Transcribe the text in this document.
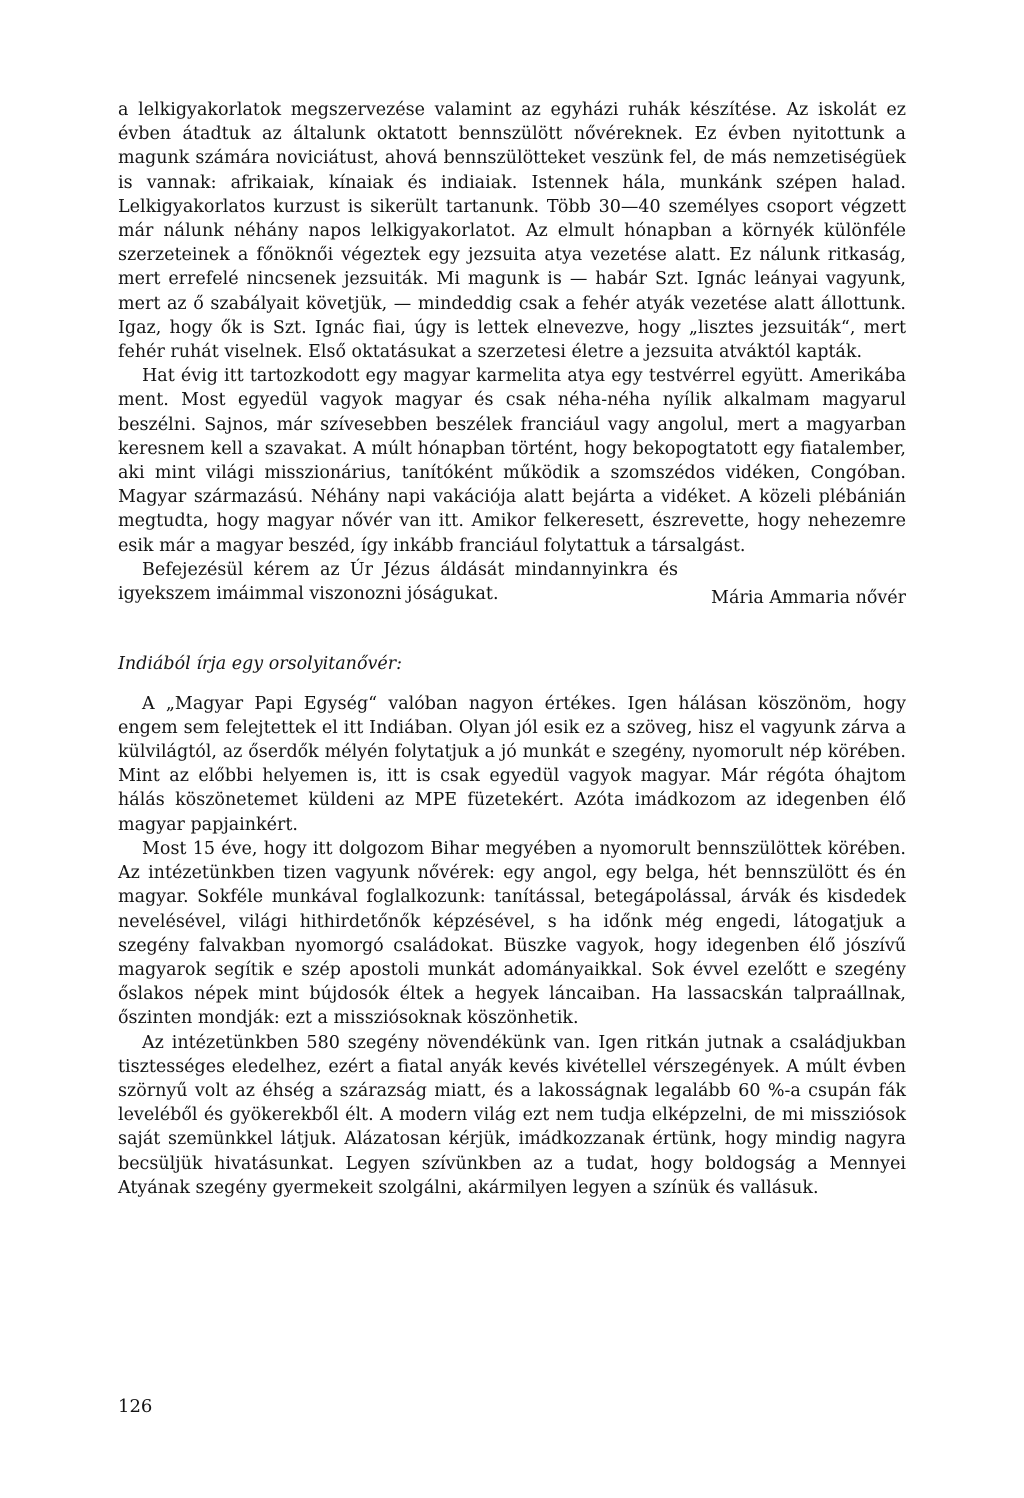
a lelkigyakorlatok megszervezése valamint az egyházi ruhák készítése. Az iskolát ez évben átadtuk az általunk oktatott bennszülött nővéreknek. Ez évben nyitottunk a magunk számára noviciátust, ahová bennszülötteket veszünk fel, de más nemzetiségüek is vannak: afrikaiak, kínaiak és indiaiak. Istennek hála, munkánk szépen halad. Lelkigyakorlatos kurzust is sikerült tartanunk. Több 30—40 személyes csoport végzett már nálunk néhány napos lelkigyakorlatot. Az elmult hónapban a környék különféle szerzeteinek a főnöknői végeztek egy jezsuita atya vezetése alatt. Ez nálunk ritkaság, mert errefelé nincsenek jezsuiták. Mi magunk is — habár Szt. Ignác leányai vagyunk, mert az ő szabályait követjük, — mindeddig csak a fehér atyák vezetése alatt állottunk. Igaz, hogy ők is Szt. Ignác fiai, úgy is lettek elnevezve, hogy „lisztes jezsuiták“, mert fehér ruhát viselnek. Első oktatásukat a szerzetesi életre a jezsuita atváktól kapták.

Hat évig itt tartozkodott egy magyar karmelita atya egy testvérrel együtt. Amerikába ment. Most egyedül vagyok magyar és csak néha-néha nyílik alkalmam magyarul beszélni. Sajnos, már szívesebben beszélek franciául vagy angolul, mert a magyarban keresnem kell a szavakat. A múlt hónapban történt, hogy bekopogtatott egy fiatalember, aki mint világi misszionárius, tanítóként működik a szomszédos vidéken, Congóban. Magyar származású. Néhány napi vakációja alatt bejárta a vidéket. A közeli plébánián megtudta, hogy magyar nővér van itt. Amikor felkeresett, észrevette, hogy nehezemre esik már a magyar beszéd, így inkább franciául folytattuk a társalgást.

Befejezésül kérem az Úr Jézus áldását mindannyinkra és igyekszem imáimmal viszonozni jóságukat.	Mária Ammaria nővér
Indiából írja egy orsolyitanővér:

A „Magyar Papi Egység“ valóban nagyon értékes. Igen hálásan köszönöm, hogy engem sem felejtettek el itt Indiában. Olyan jól esik ez a szöveg, hisz el vagyunk zárva a külvilágtól, az őserdők mélyén folytatjuk a jó munkát e szegény, nyomorult nép körében. Mint az előbbi helyemen is, itt is csak egyedül vagyok magyar. Már régóta óhajtom hálás köszönetemet küldeni az MPE füzetekért. Azóta imádkozom az idegenben élő magyar papjainkért.

Most 15 éve, hogy itt dolgozom Bihar megyében a nyomorult bennszülöttek körében. Az intézetünkben tizen vagyunk nővérek: egy angol, egy belga, hét bennszülött és én magyar. Sokféle munkával foglalkozunk: tanítással, betegápolással, árvák és kisdedek nevelésével, világi hithirdetőnők képzésével, s ha időnk még engedi, látogatjuk a szegény falvakban nyomorgó családokat. Büszke vagyok, hogy idegenben élő jószívű magyarok segítik e szép apostoli munkát adományaikkal. Sok évvel ezelőtt e szegény őslakos népek mint bújdosók éltek a hegyek láncaiban. Ha lassacskán talpraállnak, őszinten mondják: ezt a missziósoknak köszönhetik.

Az intézetünkben 580 szegény növendékünk van. Igen ritkán jutnak a családjukban tisztességes eledelhez, ezért a fiatal anyák kevés kivétellel vérszegények. A múlt évben szörnyű volt az éhség a szárazság miatt, és a lakosságnak legalább 60 %-a csupán fák leveléből és gyökerekből élt. A modern világ ezt nem tudja elképzelni, de mi missziósok saját szemünkkel látjuk. Alázatosan kérjük, imádkozzanak értünk, hogy mindig nagyra becsüljük hivatásunkat. Legyen szívünkben az a tudat, hogy boldogság a Mennyei Atyának szegény gyermekeit szolgálni, akármilyen legyen a színük és vallásuk.

126
